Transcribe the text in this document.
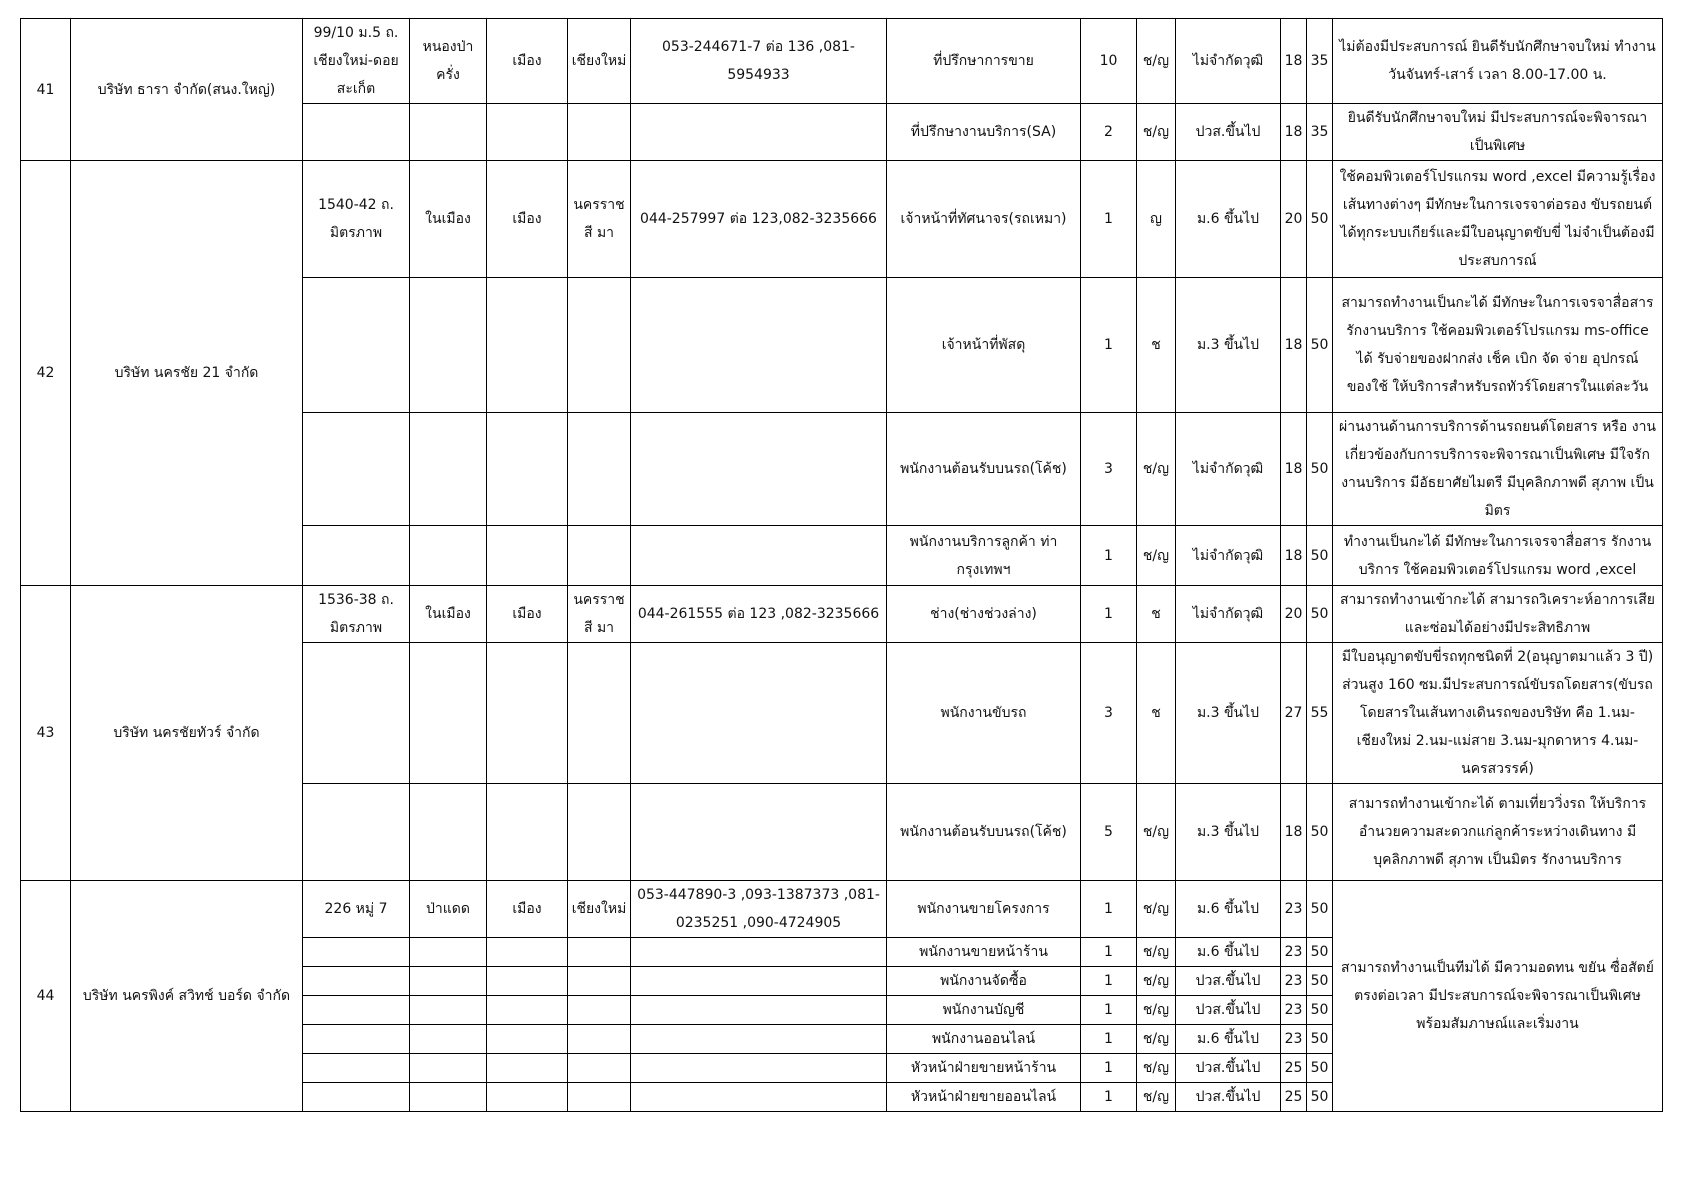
41	บริษัท ธารา จำกัด(สนง.ใหญ่)	99/10 ม.5 ถ. เชียงใหม่-ดอย สะเก็ต	หนองป่า ครั่ง	เมือง	เชียงใหม่	053-244671-7 ต่อ 136 ,081-5954933	ที่ปรึกษาการขาย	10	ช/ญ	ไม่จำกัดวุฒิ	18	35	ไม่ต้องมีประสบการณ์ ยินดีรับนักศึกษาจบใหม่ ทำงาน วันจันทร์-เสาร์ เวลา 8.00-17.00 น.
							ที่ปรึกษางานบริการ(SA)	2	ช/ญ	ปวส.ขึ้นไป	18	35	ยินดีรับนักศึกษาจบใหม่ มีประสบการณ์จะพิจารณา เป็นพิเศษ
42	บริษัท นครชัย 21 จำกัด	1540-42 ถ. มิตรภาพ	ในเมือง	เมือง	นครราชสี มา	044-257997 ต่อ 123,082-3235666	เจ้าหน้าที่ทัศนาจร(รถเหมา)	1	ญ	ม.6 ขึ้นไป	20	50	ใช้คอมพิวเตอร์โปรแกรม word ,excel มีความรู้เรื่อง เส้นทางต่างๆ มีทักษะในการเจรจาต่อรอง ขับรถยนต์ ได้ทุกระบบเกียร์และมีใบอนุญาตขับขี่ ไม่จำเป็นต้องมี ประสบการณ์
							เจ้าหน้าที่พัสดุ	1	ช	ม.3 ขึ้นไป	18	50	สามารถทำงานเป็นกะได้ มีทักษะในการเจรจาสื่อสาร รักงานบริการ ใช้คอมพิวเตอร์โปรแกรม ms-office ได้ รับจ่ายของฝากส่ง เช็ค เบิก จัด จ่าย อุปกรณ์ของใช้ ให้บริการสำหรับรถทัวร์โดยสารในแต่ละวัน
							พนักงานต้อนรับบนรถ(โค้ช)	3	ช/ญ	ไม่จำกัดวุฒิ	18	50	ผ่านงานด้านการบริการด้านรถยนต์โดยสาร หรือ งาน เกี่ยวข้องกับการบริการจะพิจารณาเป็นพิเศษ มีใจรัก งานบริการ มีอัธยาศัยไมตรี มีบุคลิกภาพดี สุภาพ เป็น มิตร
							พนักงานบริการลูกค้า ท่า กรุงเทพฯ	1	ช/ญ	ไม่จำกัดวุฒิ	18	50	ทำงานเป็นกะได้ มีทักษะในการเจรจาสื่อสาร รักงาน บริการ ใช้คอมพิวเตอร์โปรแกรม word ,excel
43	บริษัท นครชัยทัวร์ จำกัด	1536-38 ถ. มิตรภาพ	ในเมือง	เมือง	นครราชสี มา	044-261555 ต่อ 123 ,082-3235666	ช่าง(ช่างช่วงล่าง)	1	ช	ไม่จำกัดวุฒิ	20	50	สามารถทำงานเข้ากะได้ สามารถวิเคราะห์อาการเสีย และซ่อมได้อย่างมีประสิทธิภาพ
							พนักงานขับรถ	3	ช	ม.3 ขึ้นไป	27	55	มีใบอนุญาตขับขี่รถทุกชนิดที่ 2(อนุญาตมาแล้ว 3 ปี) ส่วนสูง 160 ซม.มีประสบการณ์ขับรถโดยสาร(ขับรถ โดยสารในเส้นทางเดินรถของบริษัท คือ 1.นม- เชียงใหม่ 2.นม-แม่สาย 3.นม-มุกดาหาร 4.นม- นครสวรรค์)
							พนักงานต้อนรับบนรถ(โค้ช)	5	ช/ญ	ม.3 ขึ้นไป	18	50	สามารถทำงานเข้ากะได้ ตามเที่ยววิ่งรถ ให้บริการ อำนวยความสะดวกแก่ลูกค้าระหว่างเดินทาง มี บุคลิกภาพดี สุภาพ เป็นมิตร รักงานบริการ
44	บริษัท นครพิงค์ สวิทช์ บอร์ด จำกัด	226 หมู่ 7	ป่าแดด	เมือง	เชียงใหม่	053-447890-3 ,093-1387373 ,081- 0235251 ,090-4724905	พนักงานขายโครงการ	1	ช/ญ	ม.6 ขึ้นไป	23	50	สามารถทำงานเป็นทีมได้ มีความอดทน ขยัน ซื่อสัตย์ ตรงต่อเวลา มีประสบการณ์จะพิจารณาเป็นพิเศษ พร้อมสัมภาษณ์และเริ่มงาน
							พนักงานขายหน้าร้าน	1	ช/ญ	ม.6 ขึ้นไป	23	50	
							พนักงานจัดซื้อ	1	ช/ญ	ปวส.ขึ้นไป	23	50	
							พนักงานบัญชี	1	ช/ญ	ปวส.ขึ้นไป	23	50	
							พนักงานออนไลน์	1	ช/ญ	ม.6 ขึ้นไป	23	50	
							หัวหน้าฝ่ายขายหน้าร้าน	1	ช/ญ	ปวส.ขึ้นไป	25	50	
							หัวหน้าฝ่ายขายออนไลน์	1	ช/ญ	ปวส.ขึ้นไป	25	50	
